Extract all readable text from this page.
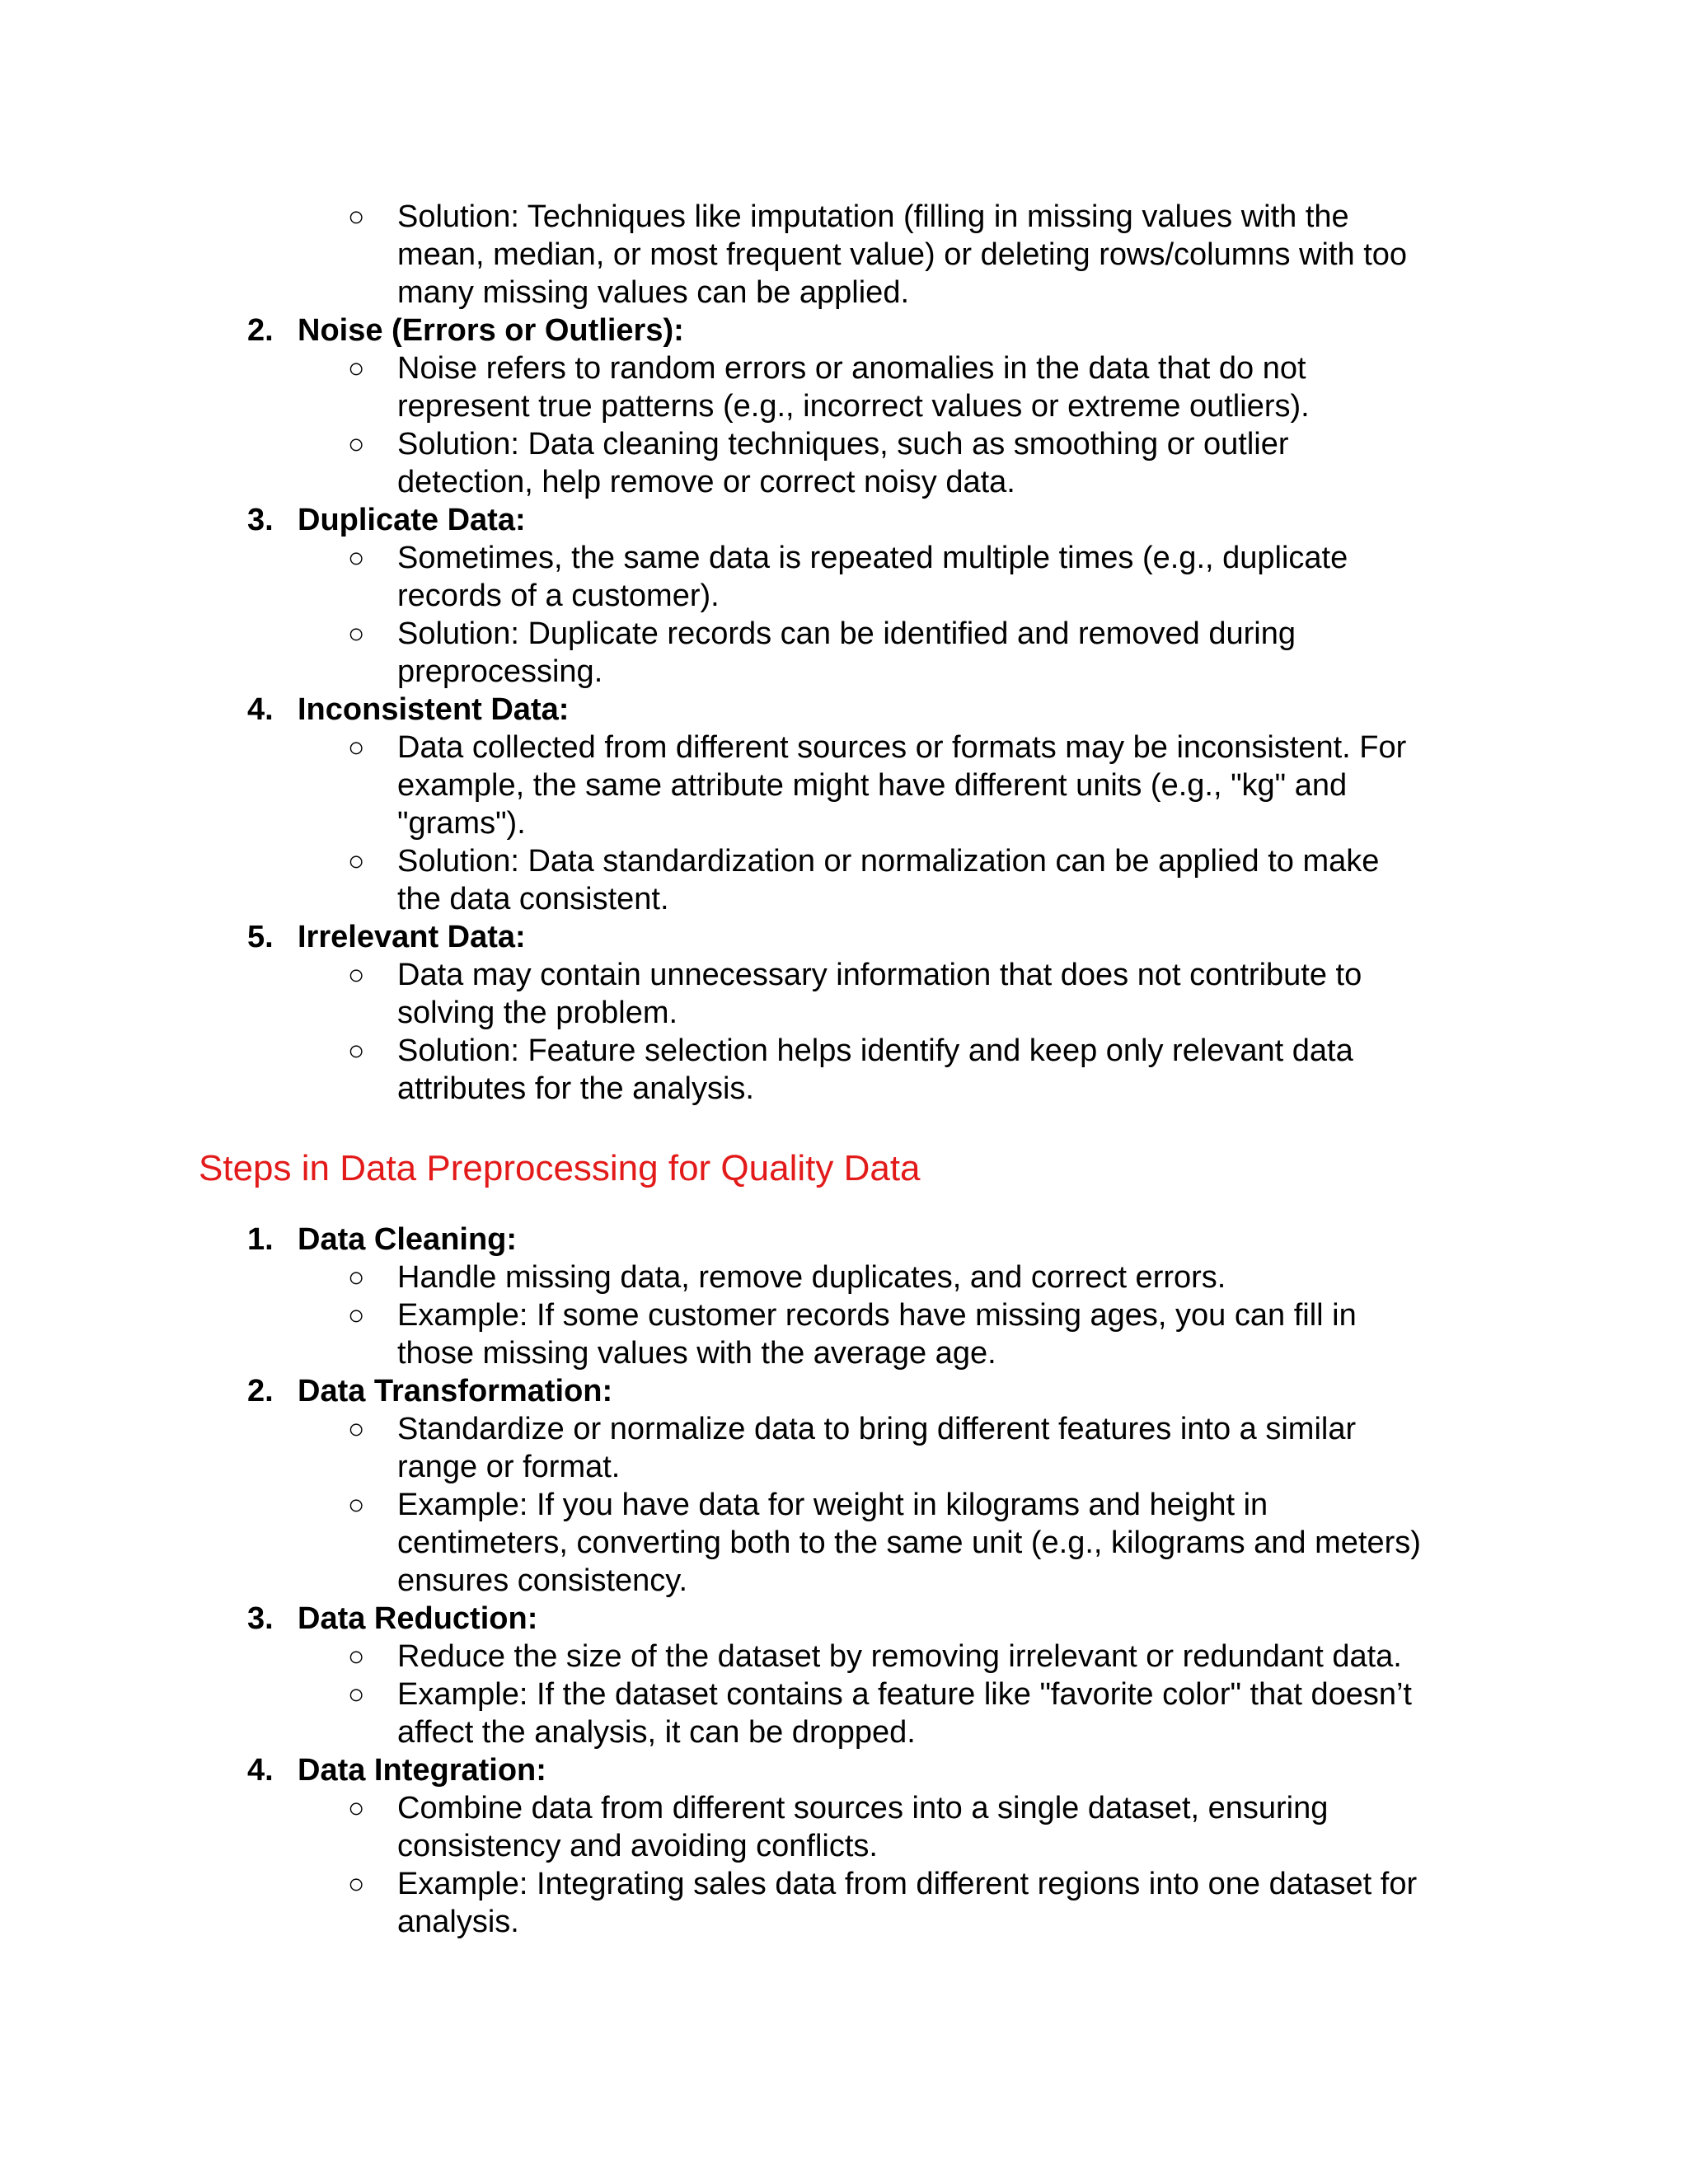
○ Solution: Techniques like imputation (filling in missing values with the
mean, median, or most frequent value) or deleting rows/columns with too
many missing values can be applied.
2. Noise (Errors or Outliers):
○ Noise refers to random errors or anomalies in the data that do not
represent true patterns (e.g., incorrect values or extreme outliers).
○ Solution: Data cleaning techniques, such as smoothing or outlier
detection, help remove or correct noisy data.
3. Duplicate Data:
○ Sometimes, the same data is repeated multiple times (e.g., duplicate
records of a customer).
○ Solution: Duplicate records can be identified and removed during
preprocessing.
4. Inconsistent Data:
○ Data collected from different sources or formats may be inconsistent. For
example, the same attribute might have different units (e.g., "kg" and
"grams").
○ Solution: Data standardization or normalization can be applied to make
the data consistent.
5. Irrelevant Data:
○ Data may contain unnecessary information that does not contribute to
solving the problem.
○ Solution: Feature selection helps identify and keep only relevant data
attributes for the analysis.
Steps in Data Preprocessing for Quality Data
1. Data Cleaning:
○ Handle missing data, remove duplicates, and correct errors.
○ Example: If some customer records have missing ages, you can fill in
those missing values with the average age.
2. Data Transformation:
○ Standardize or normalize data to bring different features into a similar
range or format.
○ Example: If you have data for weight in kilograms and height in
centimeters, converting both to the same unit (e.g., kilograms and meters)
ensures consistency.
3. Data Reduction:
○ Reduce the size of the dataset by removing irrelevant or redundant data.
○ Example: If the dataset contains a feature like "favorite color" that doesn’t
affect the analysis, it can be dropped.
4. Data Integration:
○ Combine data from different sources into a single dataset, ensuring
consistency and avoiding conflicts.
○ Example: Integrating sales data from different regions into one dataset for
analysis.
